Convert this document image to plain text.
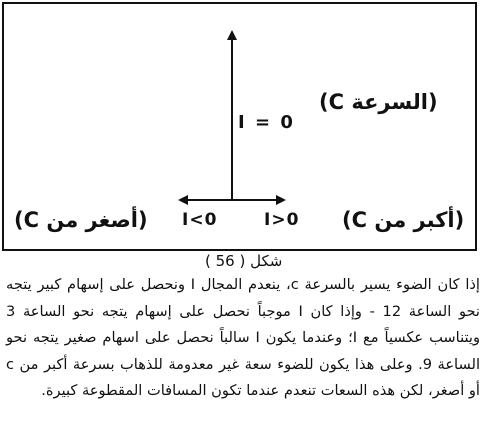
(السرعة C)
I = 0
I<0	I>0
(أصغر من C)	(أكبر من C)
شكل ( 56 )

إذا كان الضوء يسير بالسرعة c، ينعدم المجال I ونحصل على إسهام كبير يتجه نحو الساعة 12 - وإذا كان I موجباً نحصل على إسهام يتجه نحو الساعة 3 ويتناسب عكسياً مع I؛ وعندما يكون I سالباً نحصل على اسهام صغير يتجه نحو الساعة 9. وعلى هذا يكون للضوء سعة غير معدومة للذهاب بسرعة أكبر من c أو أصغر، لكن هذه السعات تنعدم عندما تكون المسافات المقطوعة كبيرة.
